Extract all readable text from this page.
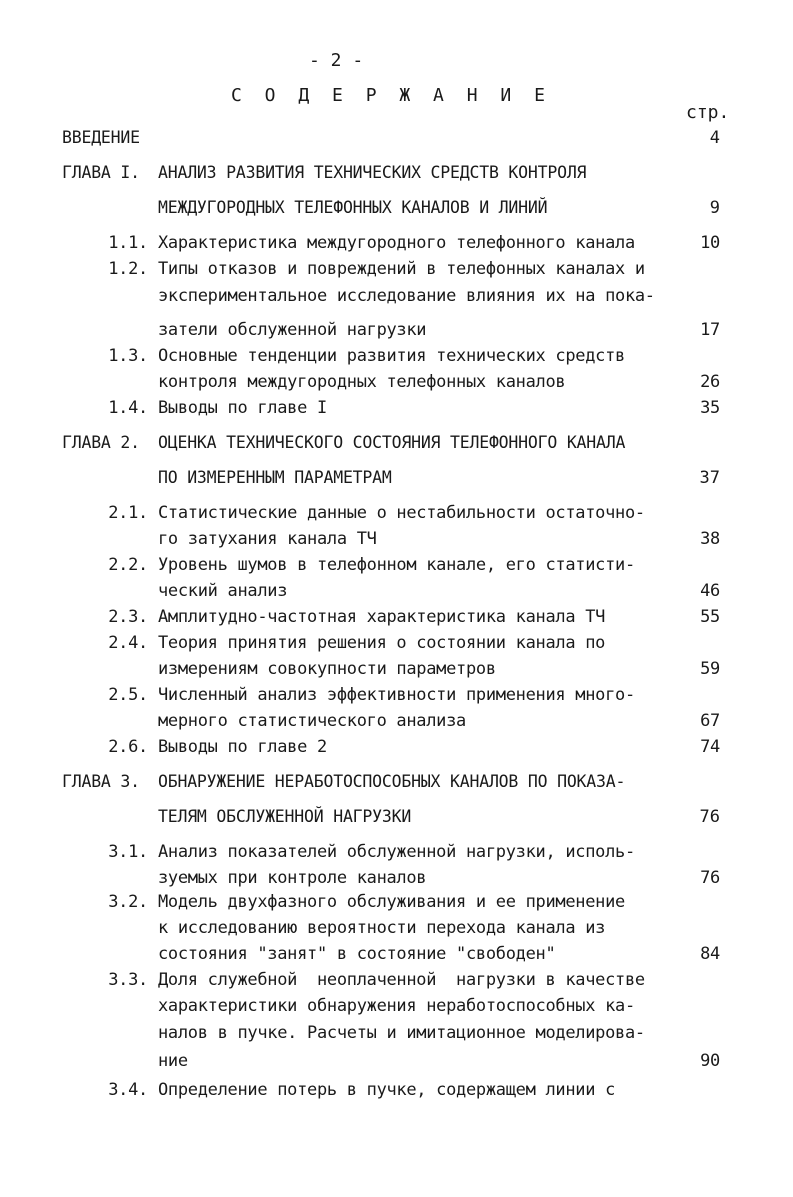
- 2 -
С О Д Е Р Ж А Н И Е
стр.
ВВЕДЕНИЕ	4
ГЛАВА I. АНАЛИЗ РАЗВИТИЯ ТЕХНИЧЕСКИХ СРЕДСТВ КОНТРОЛЯ
МЕЖДУГОРОДНЫХ ТЕЛЕФОННЫХ КАНАЛОВ И ЛИНИЙ	9
1.1. Характеристика междугородного телефонного канала	10
1.2. Типы отказов и повреждений в телефонных каналах и
экспериментальное исследование влияния их на пока-
затели обслуженной нагрузки	17
1.3. Основные тенденции развития технических средств
контроля междугородных телефонных каналов	26
1.4. Выводы по главе I	35
ГЛАВА 2. ОЦЕНКА ТЕХНИЧЕСКОГО СОСТОЯНИЯ ТЕЛЕФОННОГО КАНАЛА
ПО ИЗМЕРЕННЫМ ПАРАМЕТРАМ	37
2.1. Статистические данные о нестабильности остаточно-
го затухания канала ТЧ	38
2.2. Уровень шумов в телефонном канале, его статисти-
ческий анализ	46
2.3. Амплитудно-частотная характеристика канала ТЧ	55
2.4. Теория принятия решения о состоянии канала по
измерениям совокупности параметров	59
2.5. Численный анализ эффективности применения много-
мерного статистического анализа	67
2.6. Выводы по главе 2	74
ГЛАВА 3. ОБНАРУЖЕНИЕ НЕРАБОТОСПОСОБНЫХ КАНАЛОВ ПО ПОКАЗА-
ТЕЛЯМ ОБСЛУЖЕННОЙ НАГРУЗКИ	76
3.1. Анализ показателей обслуженной нагрузки, исполь-
зуемых при контроле каналов	76
3.2. Модель двухфазного обслуживания и ее применение
к исследованию вероятности перехода канала из
состояния "занят" в состояние "свободен"	84
3.3. Доля служебной  неоплаченной  нагрузки в качестве
характеристики обнаружения неработоспособных ка-
налов в пучке. Расчеты и имитационное моделирова-
ние	90
3.4. Определение потерь в пучке, содержащем линии с
